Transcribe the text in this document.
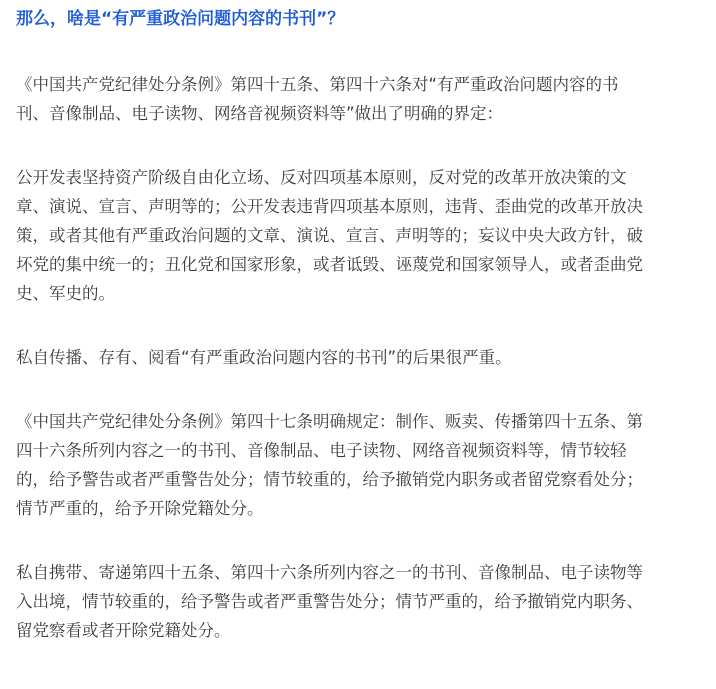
那么，啥是“有严重政治问题内容的书刊”？

《中国共产党纪律处分条例》第四十五条、第四十六条对“有严重政治问题内容的书
刊、音像制品、电子读物、网络音视频资料等”做出了明确的界定：

公开发表坚持资产阶级自由化立场、反对四项基本原则，反对党的改革开放决策的文
章、演说、宣言、声明等的；公开发表违背四项基本原则，违背、歪曲党的改革开放决
策，或者其他有严重政治问题的文章、演说、宣言、声明等的；妄议中央大政方针，破
坏党的集中统一的；丑化党和国家形象，或者诋毁、诬蔑党和国家领导人，或者歪曲党
史、军史的。

私自传播、存有、阅看“有严重政治问题内容的书刊”的后果很严重。

《中国共产党纪律处分条例》第四十七条明确规定：制作、贩卖、传播第四十五条、第
四十六条所列内容之一的书刊、音像制品、电子读物、网络音视频资料等，情节较轻
的，给予警告或者严重警告处分；情节较重的，给予撤销党内职务或者留党察看处分；
情节严重的，给予开除党籍处分。

私自携带、寄递第四十五条、第四十六条所列内容之一的书刊、音像制品、电子读物等
入出境，情节较重的，给予警告或者严重警告处分；情节严重的，给予撤销党内职务、
留党察看或者开除党籍处分。
